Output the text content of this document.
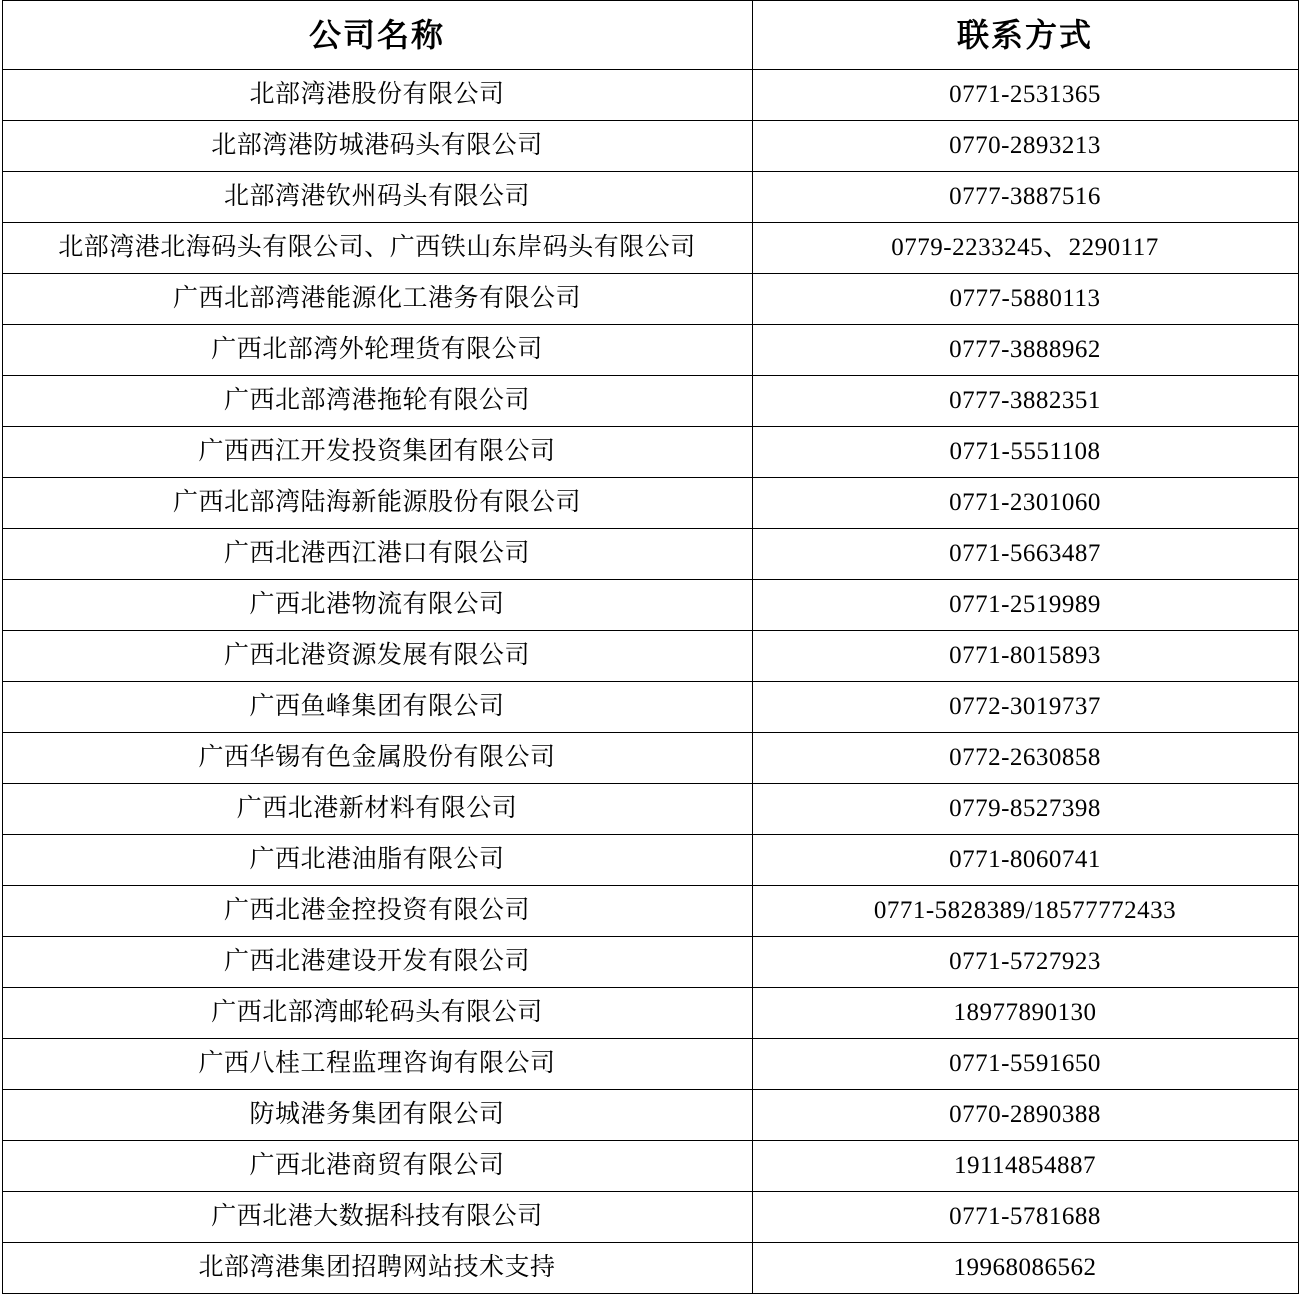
公司名称	联系方式
北部湾港股份有限公司	0771-2531365
北部湾港防城港码头有限公司	0770-2893213
北部湾港钦州码头有限公司	0777-3887516
北部湾港北海码头有限公司、广西铁山东岸码头有限公司	0779-2233245、2290117
广西北部湾港能源化工港务有限公司	0777-5880113
广西北部湾外轮理货有限公司	0777-3888962
广西北部湾港拖轮有限公司	0777-3882351
广西西江开发投资集团有限公司	0771-5551108
广西北部湾陆海新能源股份有限公司	0771-2301060
广西北港西江港口有限公司	0771-5663487
广西北港物流有限公司	0771-2519989
广西北港资源发展有限公司	0771-8015893
广西鱼峰集团有限公司	0772-3019737
广西华锡有色金属股份有限公司	0772-2630858
广西北港新材料有限公司	0779-8527398
广西北港油脂有限公司	0771-8060741
广西北港金控投资有限公司	0771-5828389/18577772433
广西北港建设开发有限公司	0771-5727923
广西北部湾邮轮码头有限公司	18977890130
广西八桂工程监理咨询有限公司	0771-5591650
防城港务集团有限公司	0770-2890388
广西北港商贸有限公司	19114854887
广西北港大数据科技有限公司	0771-5781688
北部湾港集团招聘网站技术支持	19968086562
